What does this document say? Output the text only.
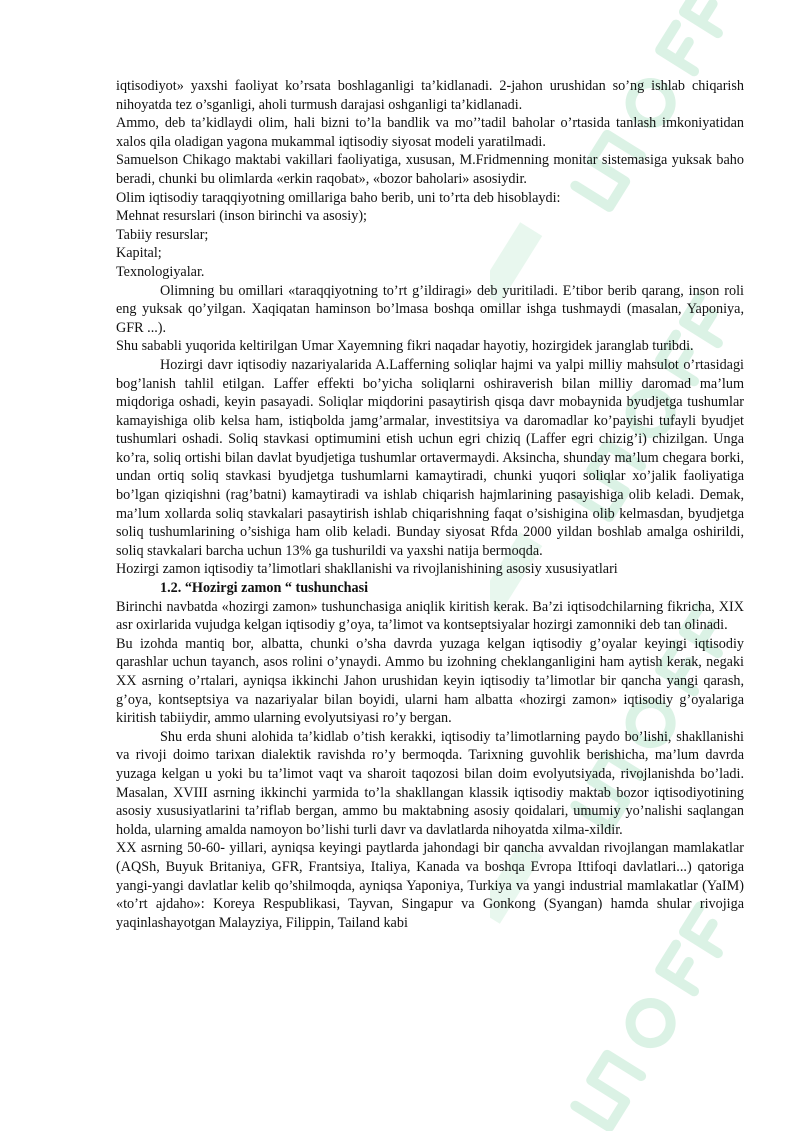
iqtisodiyot» yaxshi faoliyat ko’rsata boshlaganligi ta’kidlanadi. 2-jahon urushidan so’ng ishlab chiqarish nihoyatda tez o’sganligi, aholi turmush darajasi oshganligi ta’kidlanadi.

Ammo, deb ta’kidlaydi olim, hali bizni to’la bandlik va mo’’tadil baholar o’rtasida tanlash imkoniyatidan xalos qila oladigan yagona mukammal iqtisodiy siyosat modeli yaratilmadi.

Samuelson Chikago maktabi vakillari faoliyatiga, xususan, M.Fridmenning monitar sistemasiga yuksak baho beradi, chunki bu olimlarda «erkin raqobat», «bozor baholari» asosiydir.

Olim iqtisodiy taraqqiyotning omillariga baho berib, uni to’rta deb hisoblaydi:

Mehnat resurslari (inson birinchi va asosiy);

Tabiiy resurslar;

Kapital;

Texnologiyalar.

Olimning bu omillari «taraqqiyotning to’rt g’ildiragi» deb yuritiladi. E’tibor berib qarang, inson roli eng yuksak qo’yilgan. Xaqiqatan haminson bo’lmasa boshqa omillar ishga tushmaydi (masalan, Yaponiya, GFR ...).

Shu sababli yuqorida keltirilgan Umar Xayemning fikri naqadar hayotiy, hozirgidek jaranglab turibdi.

Hozirgi davr iqtisodiy nazariyalarida A.Lafferning soliqlar hajmi va yalpi milliy mahsulot o’rtasidagi bog’lanish tahlil etilgan. Laffer effekti bo’yicha soliqlarni oshiraverish bilan milliy daromad ma’lum miqdoriga oshadi, keyin pasayadi. Soliqlar miqdorini pasaytirish qisqa davr mobaynida byudjetga tushumlar kamayishiga olib kelsa ham, istiqbolda jamg’armalar, investitsiya va daromadlar ko’payishi tufayli byudjet tushumlari oshadi. Soliq stavkasi optimumini etish uchun egri chiziq (Laffer egri chizig’i) chizilgan. Unga ko’ra, soliq ortishi bilan davlat byudjetiga tushumlar ortavermaydi. Aksincha, shunday ma’lum chegara borki, undan ortiq soliq stavkasi byudjetga tushumlarni kamaytiradi, chunki yuqori soliqlar xo’jalik faoliyatiga bo’lgan qiziqishni (rag’batni) kamaytiradi va ishlab chiqarish hajmlarining pasayishiga olib keladi. Demak, ma’lum xollarda soliq stavkalari pasaytirish ishlab chiqarishning faqat o’sishigina olib kelmasdan, byudjetga soliq tushumlarining o’sishiga ham olib keladi. Bunday siyosat Rfda 2000 yildan boshlab amalga oshirildi, soliq stavkalari barcha uchun 13% ga tushurildi va yaxshi natija bermoqda.

Hozirgi zamon iqtisodiy ta’limotlari shakllanishi va rivojlanishining asosiy xususiyatlari

1.2. “Hozirgi zamon “ tushunchasi

Birinchi navbatda «hozirgi zamon» tushunchasiga aniqlik kiritish kerak. Ba’zi iqtisodchilarning fikricha, XIX asr oxirlarida vujudga kelgan iqtisodiy g’oya, ta’limot va kontseptsiyalar hozirgi zamonniki deb tan olinadi.

Bu izohda mantiq bor, albatta, chunki o’sha davrda yuzaga kelgan iqtisodiy g’oyalar keyingi iqtisodiy qarashlar uchun tayanch, asos rolini o’ynaydi. Ammo bu izohning cheklanganligini ham aytish kerak, negaki XX asrning o’rtalari, ayniqsa ikkinchi Jahon urushidan keyin iqtisodiy ta’limotlar bir qancha yangi qarash, g’oya, kontseptsiya va nazariyalar bilan boyidi, ularni ham albatta «hozirgi zamon» iqtisodiy g’oyalariga kiritish tabiiydir, ammo ularning evolyutsiyasi ro’y bergan.

Shu erda shuni alohida ta’kidlab o’tish kerakki, iqtisodiy ta’limotlarning paydo bo’lishi, shakllanishi va rivoji doimo tarixan dialektik ravishda ro’y bermoqda. Tarixning guvohlik berishicha, ma’lum davrda yuzaga kelgan u yoki bu ta’limot vaqt va sharoit taqozosi bilan doim evolyutsiyada, rivojlanishda bo’ladi. Masalan, XVIII asrning ikkinchi yarmida to’la shakllangan klassik iqtisodiy maktab bozor iqtisodiyotining asosiy xususiyatlarini ta’riflab bergan, ammo bu maktabning asosiy qoidalari, umumiy yo’nalishi saqlangan holda, ularning amalda namoyon bo’lishi turli davr va davlatlarda nihoyatda xilma-xildir.

XX asrning 50-60- yillari, ayniqsa keyingi paytlarda jahondagi bir qancha avvaldan rivojlangan mamlakatlar (AQSh, Buyuk Britaniya, GFR, Frantsiya, Italiya, Kanada va boshqa Evropa Ittifoqi davlatlari...) qatoriga yangi-yangi davlatlar kelib qo’shilmoqda, ayniqsa Yaponiya, Turkiya va yangi industrial mamlakatlar (YaIM) «to’rt ajdaho»: Koreya Respublikasi, Tayvan, Singapur va Gonkong (Syangan) hamda shular rivojiga yaqinlashayotgan Malayziya, Filippin, Tailand kabi
